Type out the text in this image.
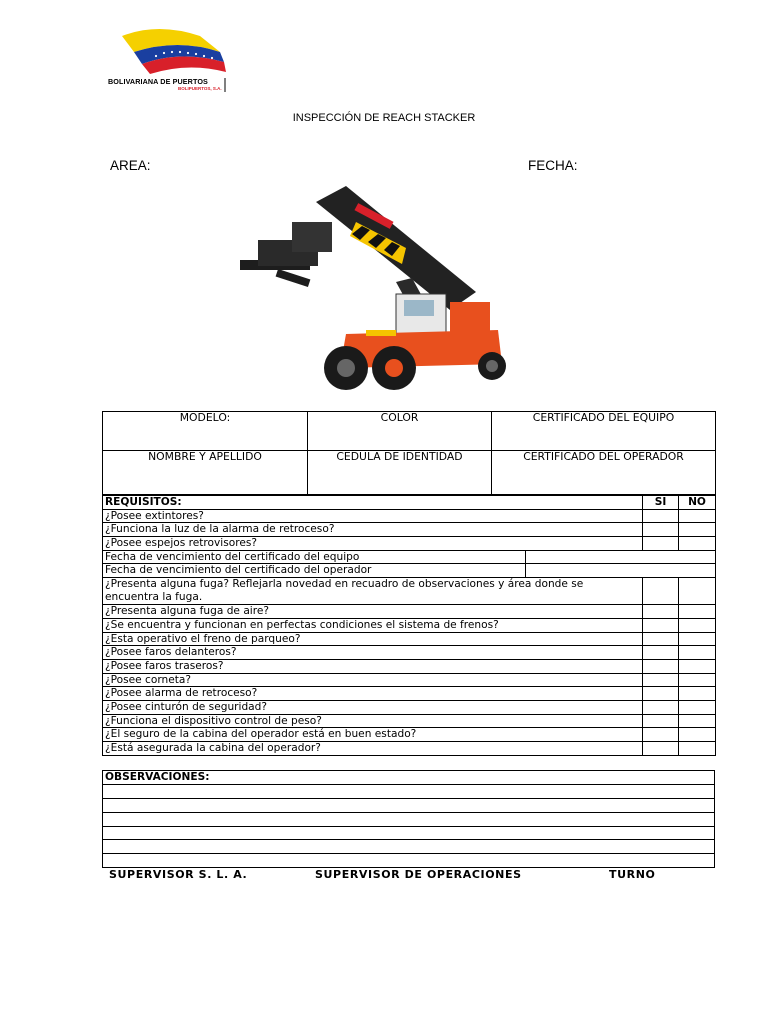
BOLIVARIANA DE PUERTOS
BOLIPUERTOS, S.A.
INSPECCIÓN DE REACH STACKER
AREA:	FECHA:
MODELO:	COLOR	CERTIFICADO DEL EQUIPO
NOMBRE Y APELLIDO	CEDULA DE IDENTIDAD	CERTIFICADO DEL OPERADOR
REQUISITOS:		SI	NO
¿Posee extintores?			
¿Funciona la luz de la alarma de retroceso?			
¿Posee espejos retrovisores?			
Fecha de vencimiento del certificado del equipo			
Fecha de vencimiento del certificado del operador			
¿Presenta alguna fuga? Reflejarla novedad en recuadro de observaciones y área donde se encuentra la fuga.			
¿Presenta alguna fuga de aire?			
¿Se encuentra y funcionan en perfectas condiciones el sistema de frenos?			
¿Esta operativo el freno de parqueo?			
¿Posee faros delanteros?			
¿Posee faros traseros?			
¿Posee corneta?			
¿Posee alarma de retroceso?			
¿Posee cinturón de seguridad?			
¿Funciona el dispositivo control de peso?			
¿El seguro de la cabina del operador está en buen estado?			
¿Está asegurada la cabina del operador?			
OBSERVACIONES:

SUPERVISOR S. L. A.	SUPERVISOR DE OPERACIONES	TURNO
